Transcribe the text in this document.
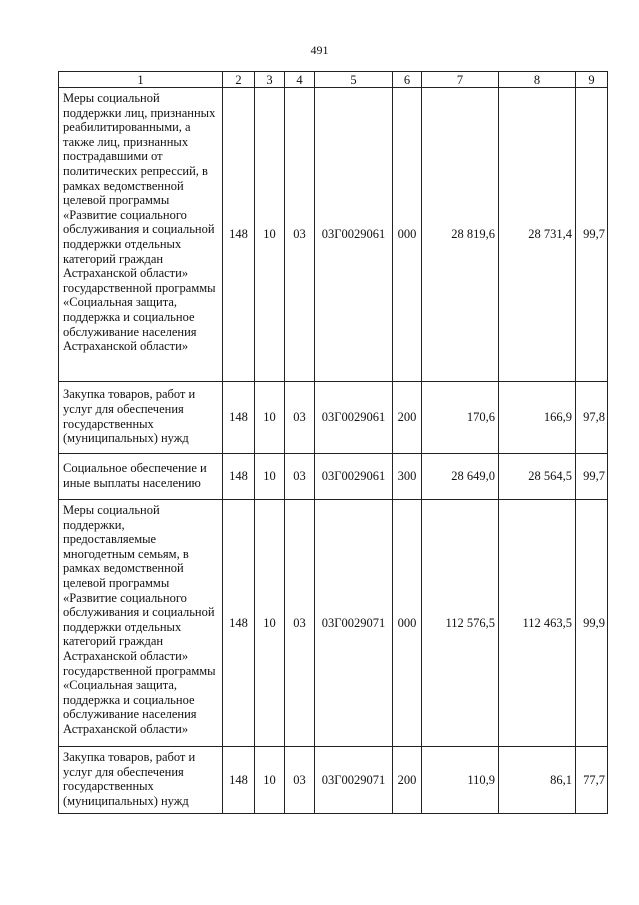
491
1	2	3	4	5	6	7	8	9
Меры социальной поддержки лиц, признанных реабилитированными, а также лиц, признанных пострадавшими от политических репрессий, в рамках ведомственной целевой программы «Развитие социального обслуживания и социальной поддержки отдельных категорий граждан Астраханской области» государственной программы «Социальная защита, поддержка и социальное обслуживание населения Астраханской области»	148	10	03	03Г0029061	000	28 819,6	28 731,4	99,7
Закупка товаров, работ и услуг для обеспечения государственных (муниципальных) нужд	148	10	03	03Г0029061	200	170,6	166,9	97,8
Социальное обеспечение и иные выплаты населению	148	10	03	03Г0029061	300	28 649,0	28 564,5	99,7
Меры социальной поддержки, предоставляемые многодетным семьям, в рамках ведомственной целевой программы «Развитие социального обслуживания и социальной поддержки отдельных категорий граждан Астраханской области» государственной программы «Социальная защита, поддержка и социальное обслуживание населения Астраханской области»	148	10	03	03Г0029071	000	112 576,5	112 463,5	99,9
Закупка товаров, работ и услуг для обеспечения государственных (муниципальных) нужд	148	10	03	03Г0029071	200	110,9	86,1	77,7
